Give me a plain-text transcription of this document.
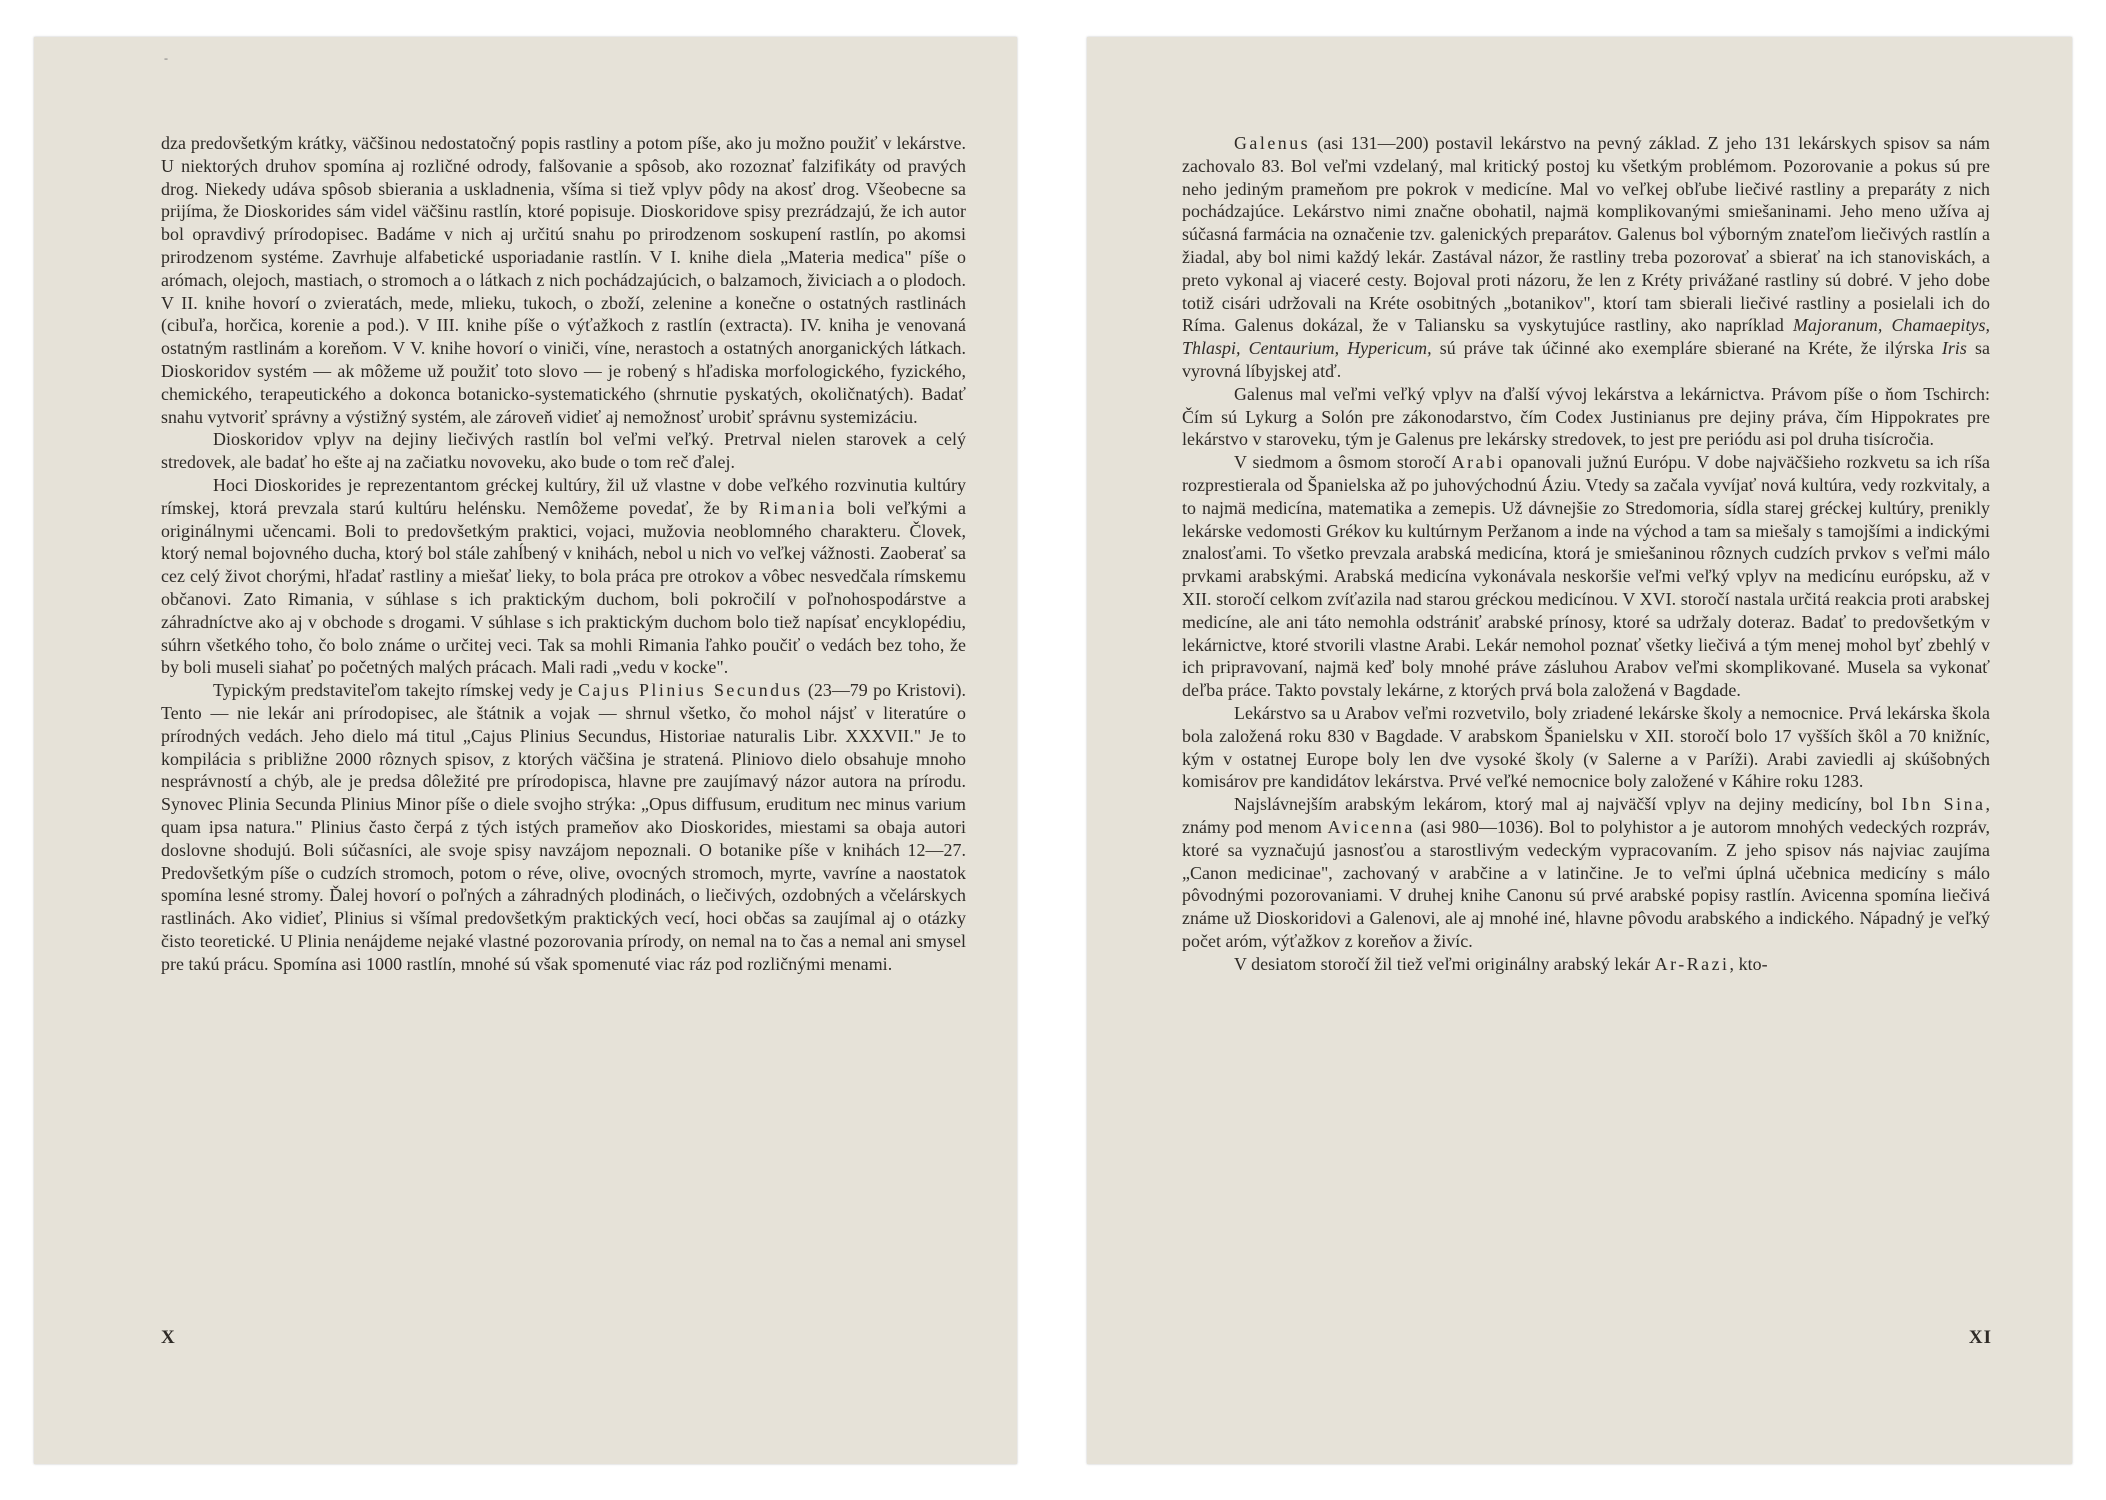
-

dza predovšetkým krátky, väčšinou nedostatočný popis rastliny a potom píše, ako ju možno použiť v lekárstve. U niektorých druhov spomína aj rozličné odrody, falšovanie a spôsob, ako rozoznať falzifikáty od pravých drog. Niekedy udáva spôsob sbierania a uskladnenia, všíma si tiež vplyv pôdy na akosť drog. Všeobecne sa prijíma, že Dioskorides sám videl väčšinu rastlín, ktoré popisuje. Dioskoridove spisy prezrádzajú, že ich autor bol opravdivý prírodopisec. Badáme v nich aj určitú snahu po prirodzenom soskupení rastlín, po akomsi prirodzenom systéme. Zavrhuje alfabetické usporiadanie rastlín. V I. knihe diela „Materia medica" píše o arómach, olejoch, mastiach, o stromoch a o látkach z nich pochádzajúcich, o balzamoch, živiciach a o plodoch. V II. knihe hovorí o zvieratách, mede, mlieku, tukoch, o zboží, zelenine a konečne o ostatných rastlinách (cibuľa, horčica, korenie a pod.). V III. knihe píše o výťažkoch z rastlín (extracta). IV. kniha je venovaná ostatným rastlinám a koreňom. V V. knihe hovorí o viniči, víne, nerastoch a ostatných anorganických látkach. Dioskoridov systém — ak môžeme už použiť toto slovo — je robený s hľadiska morfologického, fyzického, chemického, terapeutického a dokonca botanicko-systematického (shrnutie pyskatých, okoličnatých). Badať snahu vytvoriť správny a výstižný systém, ale zároveň vidieť aj nemožnosť urobiť správnu systemizáciu.

Dioskoridov vplyv na dejiny liečivých rastlín bol veľmi veľký. Pretrval nielen starovek a celý stredovek, ale badať ho ešte aj na začiatku novoveku, ako bude o tom reč ďalej.

Hoci Dioskorides je reprezentantom gréckej kultúry, žil už vlastne v dobe veľkého rozvinutia kultúry rímskej, ktorá prevzala starú kultúru helénsku. Nemôžeme povedať, že by Rimania boli veľkými a originálnymi učencami. Boli to predovšetkým praktici, vojaci, mužovia neoblomného charakteru. Človek, ktorý nemal bojovného ducha, ktorý bol stále zahĺbený v knihách, nebol u nich vo veľkej vážnosti. Zaoberať sa cez celý život chorými, hľadať rastliny a miešať lieky, to bola práca pre otrokov a vôbec nesvedčala rímskemu občanovi. Zato Rimania, v súhlase s ich praktickým duchom, boli pokročilí v poľnohospodárstve a záhradníctve ako aj v obchode s drogami. V súhlase s ich praktickým duchom bolo tiež napísať encyklopédiu, súhrn všetkého toho, čo bolo známe o určitej veci. Tak sa mohli Rimania ľahko poučiť o vedách bez toho, že by boli museli siahať po početných malých prácach. Mali radi „vedu v kocke".

Typickým predstaviteľom takejto rímskej vedy je Cajus Plinius Secundus (23—79 po Kristovi). Tento — nie lekár ani prírodopisec, ale štátnik a vojak — shrnul všetko, čo mohol nájsť v literatúre o prírodných vedách. Jeho dielo má titul „Cajus Plinius Secundus, Historiae naturalis Libr. XXXVII." Je to kompilácia s približne 2000 rôznych spisov, z ktorých väčšina je stratená. Pliniovo dielo obsahuje mnoho nesprávností a chýb, ale je predsa dôležité pre prírodopisca, hlavne pre zaujímavý názor autora na prírodu. Synovec Plinia Secunda Plinius Minor píše o diele svojho strýka: „Opus diffusum, eruditum nec minus varium quam ipsa natura." Plinius často čerpá z tých istých prameňov ako Dioskorides, miestami sa obaja autori doslovne shodujú. Boli súčasníci, ale svoje spisy navzájom nepoznali. O botanike píše v knihách 12—27. Predovšetkým píše o cudzích stromoch, potom o réve, olive, ovocných stromoch, myrte, vavríne a naostatok spomína lesné stromy. Ďalej hovorí o poľných a záhradných plodinách, o liečivých, ozdobných a včelárskych rastlinách. Ako vidieť, Plinius si všímal predovšetkým praktických vecí, hoci občas sa zaujímal aj o otázky čisto teoretické. U Plinia nenájdeme nejaké vlastné pozorovania prírody, on nemal na to čas a nemal ani smysel pre takú prácu. Spomína asi 1000 rastlín, mnohé sú však spomenuté viac ráz pod rozličnými menami.

X

Galenus (asi 131—200) postavil lekárstvo na pevný základ. Z jeho 131 lekárskych spisov sa nám zachovalo 83. Bol veľmi vzdelaný, mal kritický postoj ku všetkým problémom. Pozorovanie a pokus sú pre neho jediným prameňom pre pokrok v medicíne. Mal vo veľkej obľube liečivé rastliny a preparáty z nich pochádzajúce. Lekárstvo nimi značne obohatil, najmä komplikovanými smiešaninami. Jeho meno užíva aj súčasná farmácia na označenie tzv. galenických preparátov. Galenus bol výborným znateľom liečivých rastlín a žiadal, aby bol nimi každý lekár. Zastával názor, že rastliny treba pozorovať a sbierať na ich stanoviskách, a preto vykonal aj viaceré cesty. Bojoval proti názoru, že len z Kréty privážané rastliny sú dobré. V jeho dobe totiž cisári udržovali na Kréte osobitných „botanikov", ktorí tam sbierali liečivé rastliny a posielali ich do Ríma. Galenus dokázal, že v Taliansku sa vyskytujúce rastliny, ako napríklad Majoranum, Chamaepitys, Thlaspi, Centaurium, Hypericum, sú práve tak účinné ako exempláre sbierané na Kréte, že ilýrska Iris sa vyrovná líbyjskej atď.

Galenus mal veľmi veľký vplyv na ďalší vývoj lekárstva a lekárnictva. Právom píše o ňom Tschirch: Čím sú Lykurg a Solón pre zákonodarstvo, čím Codex Justinianus pre dejiny práva, čím Hippokrates pre lekárstvo v staroveku, tým je Galenus pre lekársky stredovek, to jest pre periódu asi pol druha tisícročia.

V siedmom a ôsmom storočí Arabi opanovali južnú Európu. V dobe najväčšieho rozkvetu sa ich ríša rozprestierala od Španielska až po juhovýchodnú Áziu. Vtedy sa začala vyvíjať nová kultúra, vedy rozkvitaly, a to najmä medicína, matematika a zemepis. Už dávnejšie zo Stredomoria, sídla starej gréckej kultúry, prenikly lekárske vedomosti Grékov ku kultúrnym Peržanom a inde na východ a tam sa miešaly s tamojšími a indickými znalosťami. To všetko prevzala arabská medicína, ktorá je smiešaninou rôznych cudzích prvkov s veľmi málo prvkami arabskými. Arabská medicína vykonávala neskoršie veľmi veľký vplyv na medicínu európsku, až v XII. storočí celkom zvíťazila nad starou gréckou medicínou. V XVI. storočí nastala určitá reakcia proti arabskej medicíne, ale ani táto nemohla odstrániť arabské prínosy, ktoré sa udržaly doteraz. Badať to predovšetkým v lekárnictve, ktoré stvorili vlastne Arabi. Lekár nemohol poznať všetky liečivá a tým menej mohol byť zbehlý v ich pripravovaní, najmä keď boly mnohé práve zásluhou Arabov veľmi skomplikované. Musela sa vykonať deľba práce. Takto povstaly lekárne, z ktorých prvá bola založená v Bagdade.

Lekárstvo sa u Arabov veľmi rozvetvilo, boly zriadené lekárske školy a nemocnice. Prvá lekárska škola bola založená roku 830 v Bagdade. V arabskom Španielsku v XII. storočí bolo 17 vyšších škôl a 70 knižníc, kým v ostatnej Europe boly len dve vysoké školy (v Salerne a v Paríži). Arabi zaviedli aj skúšobných komisárov pre kandidátov lekárstva. Prvé veľké nemocnice boly založené v Káhire roku 1283.

Najslávnejším arabským lekárom, ktorý mal aj najväčší vplyv na dejiny medicíny, bol Ibn Sina, známy pod menom Avicenna (asi 980—1036). Bol to polyhistor a je autorom mnohých vedeckých rozpráv, ktoré sa vyznačujú jasnosťou a starostlivým vedeckým vypracovaním. Z jeho spisov nás najviac zaujíma „Canon medicinae", zachovaný v arabčine a v latinčine. Je to veľmi úplná učebnica medicíny s málo pôvodnými pozorovaniami. V druhej knihe Canonu sú prvé arabské popisy rastlín. Avicenna spomína liečivá známe už Dioskoridovi a Galenovi, ale aj mnohé iné, hlavne pôvodu arabského a indického. Nápadný je veľký počet aróm, výťažkov z koreňov a živíc.

V desiatom storočí žil tiež veľmi originálny arabský lekár Ar-Razi, kto-

XI
